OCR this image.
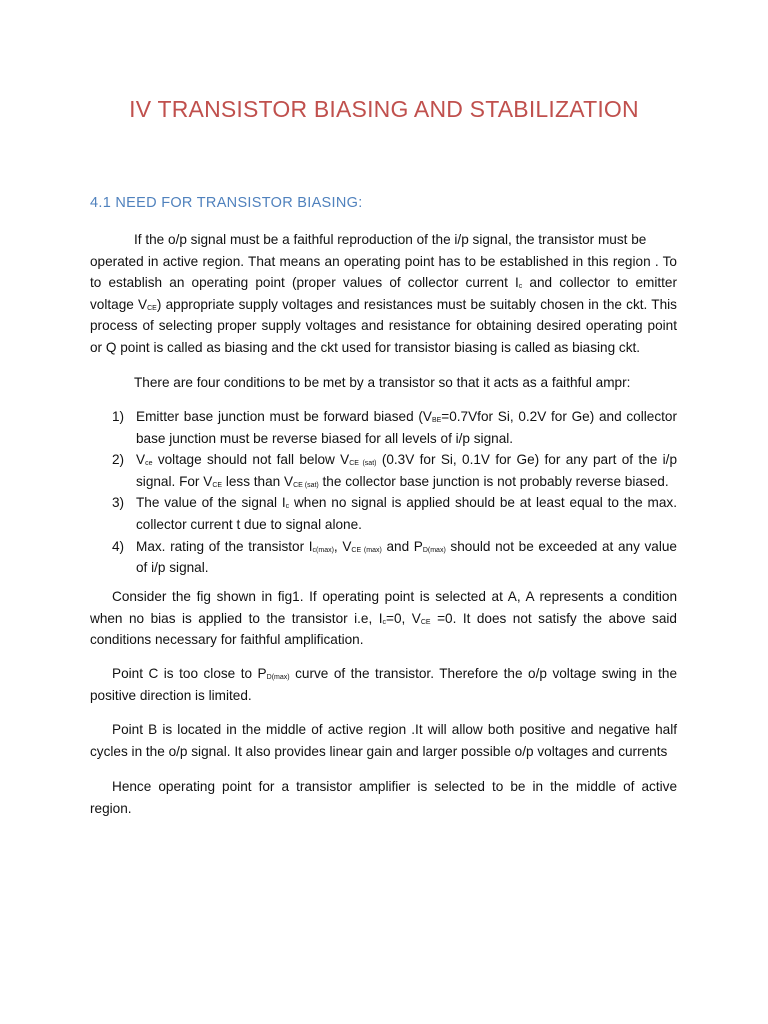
IV TRANSISTOR BIASING AND STABILIZATION
4.1 NEED FOR TRANSISTOR BIASING:
If the o/p signal must be a faithful reproduction of the i/p signal, the transistor must be
operated in active region. That means an operating point has to be established in this region . To
to establish an operating point (proper values of collector current $I_c$ and collector to emitter
voltage $V_{CE}$) appropriate supply voltages and resistances must be suitably chosen in the ckt. This
process of selecting proper supply voltages and resistance for obtaining desired operating point
or Q point is called as biasing and the ckt used for transistor biasing is called as biasing ckt.
There are four conditions to be met by a transistor so that it acts as a faithful ampr:
1) Emitter base junction must be forward biased ($V_{BE}=0.7Vfor$ Si, 0.2V for Ge) and collector
base junction must be reverse biased for all levels of i/p signal.
2) $V_{ce}$ voltage should not fall below $V_{CE (sat)}$ (0.3V for Si, 0.1V for Ge) for any part of the i/p
signal. For $V_{CE}$ less than $V_{CE (sat)}$ the collector base junction is not probably reverse biased.
3) The value of the signal $I_c$ when no signal is applied should be at least equal to the max.
collector current t due to signal alone.
4) Max. rating of the transistor $I_{c(max)}$, $V_{CE (max)}$ and $P_{D(max)}$ should not be exceeded at any value
of i/p signal.
Consider the fig shown in fig1. If operating point is selected at A, A represents a condition
when no bias is applied to the transistor i.e, $I_c=0$, $V_{CE} =0$. It does not satisfy the above said
conditions necessary for faithful amplification.
Point C is too close to $P_{D(max)}$ curve of the transistor. Therefore the o/p voltage swing in the
positive direction is limited.
Point B is located in the middle of active region .It will allow both positive and negative half
cycles in the o/p signal. It also provides linear gain and larger possible o/p voltages and currents
Hence operating point for a transistor amplifier is selected to be in the middle of active
region.
